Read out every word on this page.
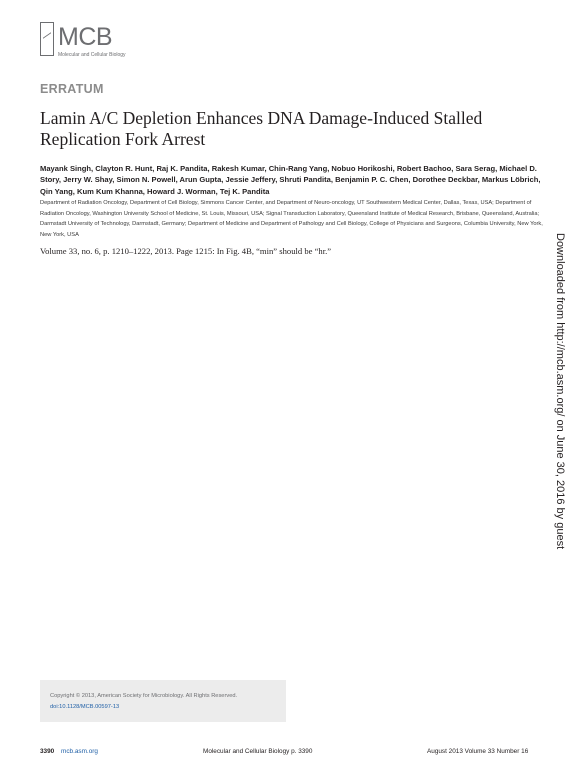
MCB
Molecular and Cellular Biology
ERRATUM
Lamin A/C Depletion Enhances DNA Damage-Induced Stalled Replication Fork Arrest
Mayank Singh, Clayton R. Hunt, Raj K. Pandita, Rakesh Kumar, Chin-Rang Yang, Nobuo Horikoshi, Robert Bachoo, Sara Serag, Michael D. Story, Jerry W. Shay, Simon N. Powell, Arun Gupta, Jessie Jeffery, Shruti Pandita, Benjamin P. C. Chen, Dorothee Deckbar, Markus Löbrich, Qin Yang, Kum Kum Khanna, Howard J. Worman, Tej K. Pandita
Department of Radiation Oncology, Department of Cell Biology, Simmons Cancer Center, and Department of Neuro-oncology, UT Southwestern Medical Center, Dallas, Texas, USA; Department of Radiation Oncology, Washington University School of Medicine, St. Louis, Missouri, USA; Signal Transduction Laboratory, Queensland Institute of Medical Research, Brisbane, Queensland, Australia; Darmstadt University of Technology, Darmstadt, Germany; Department of Medicine and Department of Pathology and Cell Biology, College of Physicians and Surgeons, Columbia University, New York, New York, USA
Volume 33, no. 6, p. 1210–1222, 2013. Page 1215: In Fig. 4B, “min” should be “hr.”	Downloaded from http://mcb.asm.org/ on June 30, 2016 by guest
Copyright © 2013, American Society for Microbiology. All Rights Reserved.
doi:10.1128/MCB.00597-13
3390 mcb.asm.org	Molecular and Cellular Biology p. 3390	August 2013 Volume 33 Number 16
